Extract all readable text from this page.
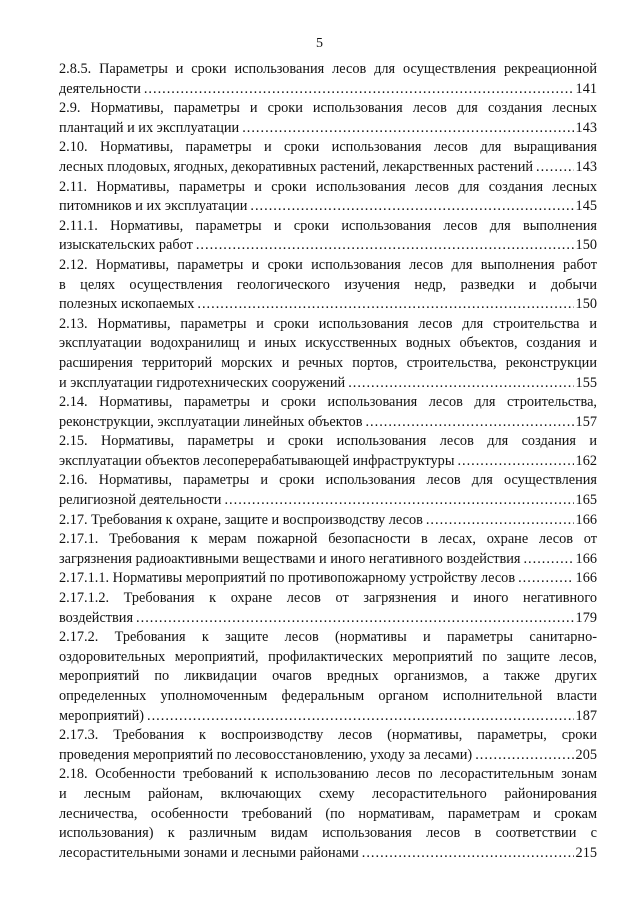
5
2.8.5. Параметры и сроки использования лесов для осуществления рекреационной
деятельности .....	141
2.9. Нормативы, параметры и сроки использования лесов для создания лесных
плантаций и их эксплуатации .....	143
2.10. Нормативы, параметры и сроки использования лесов для выращивания
лесных плодовых, ягодных, декоративных растений, лекарственных растений .....	143
2.11. Нормативы, параметры и сроки использования лесов для создания лесных
питомников и их эксплуатации .....	145
2.11.1. Нормативы, параметры и сроки использования лесов для выполнения
изыскательских работ .....	150
2.12. Нормативы, параметры и сроки использования лесов для выполнения работ
в целях осуществления геологического изучения недр, разведки и добычи
полезных ископаемых .....	150
2.13. Нормативы, параметры и сроки использования лесов для строительства и
эксплуатации водохранилищ и иных искусственных водных объектов, создания и
расширения территорий морских и речных портов, строительства, реконструкции
и эксплуатации гидротехнических сооружений .....	155
2.14. Нормативы, параметры и сроки использования лесов для строительства,
реконструкции, эксплуатации линейных объектов .....	157
2.15. Нормативы, параметры и сроки использования лесов для создания и
эксплуатации объектов лесоперерабатывающей инфраструктуры .....	162
2.16. Нормативы, параметры и сроки использования лесов для осуществления
религиозной деятельности .....	165
2.17. Требования к охране, защите и воспроизводству лесов .....	166
2.17.1. Требования к мерам пожарной безопасности в лесах, охране лесов от
загрязнения радиоактивными веществами и иного негативного воздействия .....	166
2.17.1.1. Нормативы мероприятий по противопожарному устройству лесов .....	166
2.17.1.2. Требования к охране лесов от загрязнения и иного негативного
воздействия .....	179
2.17.2. Требования к защите лесов (нормативы и параметры санитарно-
оздоровительных мероприятий, профилактических мероприятий по защите лесов,
мероприятий по ликвидации очагов вредных организмов, а также других
определенных уполномоченным федеральным органом исполнительной власти
мероприятий) .....	187
2.17.3. Требования к воспроизводству лесов (нормативы, параметры, сроки
проведения мероприятий по лесовосстановлению, уходу за лесами) .....	205
2.18. Особенности требований к использованию лесов по лесорастительным зонам
и лесным районам, включающих схему лесорастительного районирования
лесничества, особенности требований (по нормативам, параметрам и срокам
использования) к различным видам использования лесов в соответствии с
лесорастительными зонами и лесными районами .....	215
